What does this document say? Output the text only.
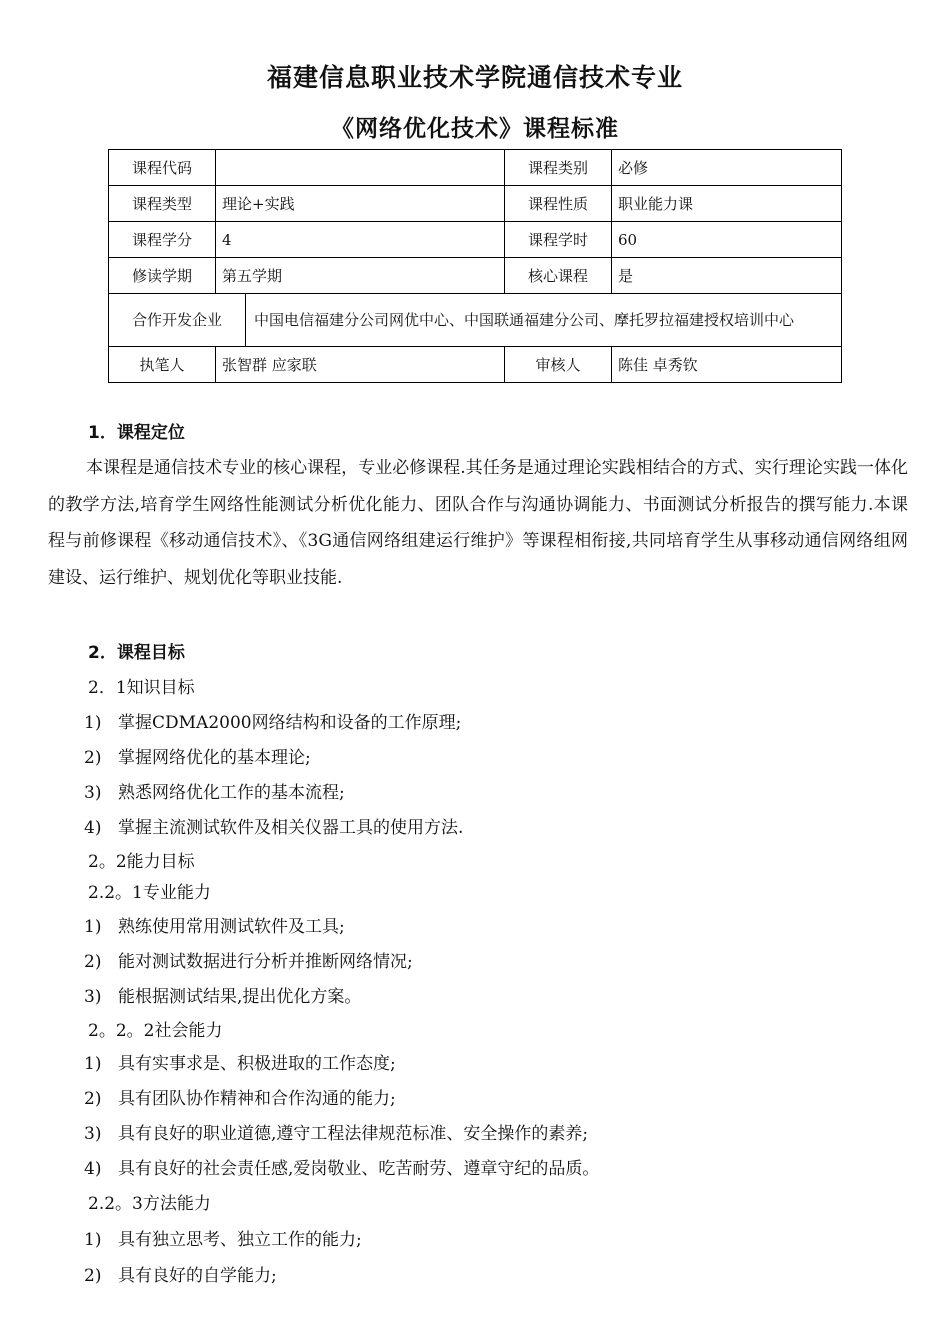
福建信息职业技术学院通信技术专业
《网络优化技术》课程标准
课程代码		课程类别	必修
课程类型	理论+实践	课程性质	职业能力课
课程学分	4	课程学时	60
修读学期	第五学期	核心课程	是

合作开发企业	中国电信福建分公司网优中心、中国联通福建分公司、摩托罗拉福建授权培训中心

执笔人	张智群 应家联	审核人	陈佳 卓秀钦
1．课程定位
本课程是通信技术专业的核心课程，专业必修课程.其任务是通过理论实践相结合的方式、实行理论实践一体化的教学方法,培育学生网络性能测试分析优化能力、团队合作与沟通协调能力、书面测试分析报告的撰写能力.本课程与前修课程《移动通信技术》、《3G通信网络组建运行维护》等课程相衔接,共同培育学生从事移动通信网络组网建设、运行维护、规划优化等职业技能.
2．课程目标
2．1知识目标
1) 掌握CDMA2000网络结构和设备的工作原理;
2) 掌握网络优化的基本理论;
3) 熟悉网络优化工作的基本流程;
4) 掌握主流测试软件及相关仪器工具的使用方法.
2。2能力目标
2.2。1专业能力
1) 熟练使用常用测试软件及工具;
2) 能对测试数据进行分析并推断网络情况;
3) 能根据测试结果,提出优化方案。
2。2。2社会能力
1) 具有实事求是、积极进取的工作态度;
2) 具有团队协作精神和合作沟通的能力;
3) 具有良好的职业道德,遵守工程法律规范标准、安全操作的素养;
4) 具有良好的社会责任感,爱岗敬业、吃苦耐劳、遵章守纪的品质。
2.2。3方法能力
1) 具有独立思考、独立工作的能力;
2) 具有良好的自学能力;
